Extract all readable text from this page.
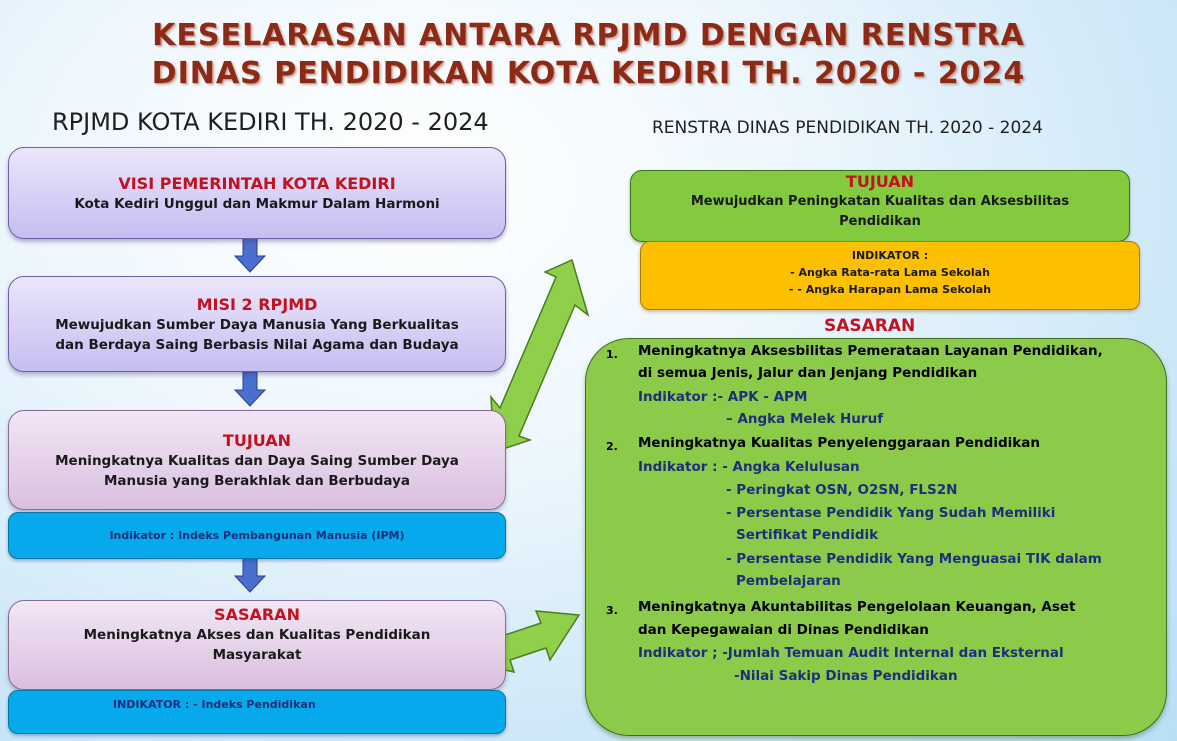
KESELARASAN ANTARA RPJMD DENGAN RENSTRA
DINAS PENDIDIKAN KOTA KEDIRI TH. 2020 - 2024
RPJMD KOTA KEDIRI TH. 2020 - 2024	RENSTRA DINAS PENDIDIKAN TH. 2020 - 2024
VISI PEMERINTAH KOTA KEDIRI
Kota Kediri Unggul dan Makmur Dalam Harmoni
MISI 2 RPJMD
Mewujudkan Sumber Daya Manusia Yang Berkualitas
dan Berdaya Saing Berbasis Nilai Agama dan Budaya
TUJUAN
Meningkatnya Kualitas dan Daya Saing Sumber Daya
Manusia yang Berakhlak dan Berbudaya
Indikator : Indeks Pembangunan Manusia (IPM)
SASARAN
Meningkatnya Akses dan Kualitas Pendidikan
Masyarakat
INDIKATOR : - Indeks Pendidikan
TUJUAN
Mewujudkan Peningkatan Kualitas dan Aksesbilitas
Pendidikan
INDIKATOR :
- Angka Rata-rata Lama Sekolah
- - Angka Harapan Lama Sekolah
SASARAN
1. Meningkatnya Aksesbilitas Pemerataan Layanan Pendidikan,
di semua Jenis, Jalur dan Jenjang Pendidikan
Indikator :- APK - APM
– Angka Melek Huruf
2. Meningkatnya Kualitas Penyelenggaraan Pendidikan
Indikator : - Angka Kelulusan
- Peringkat OSN, O2SN, FLS2N
- Persentase Pendidik Yang Sudah Memiliki
Sertifikat Pendidik
- Persentase Pendidik Yang Menguasai TIK dalam
Pembelajaran
3. Meningkatnya Akuntabilitas Pengelolaan Keuangan, Aset
dan Kepegawaian di Dinas Pendidikan
Indikator ; -Jumlah Temuan Audit Internal dan Eksternal
-Nilai Sakip Dinas Pendidikan
